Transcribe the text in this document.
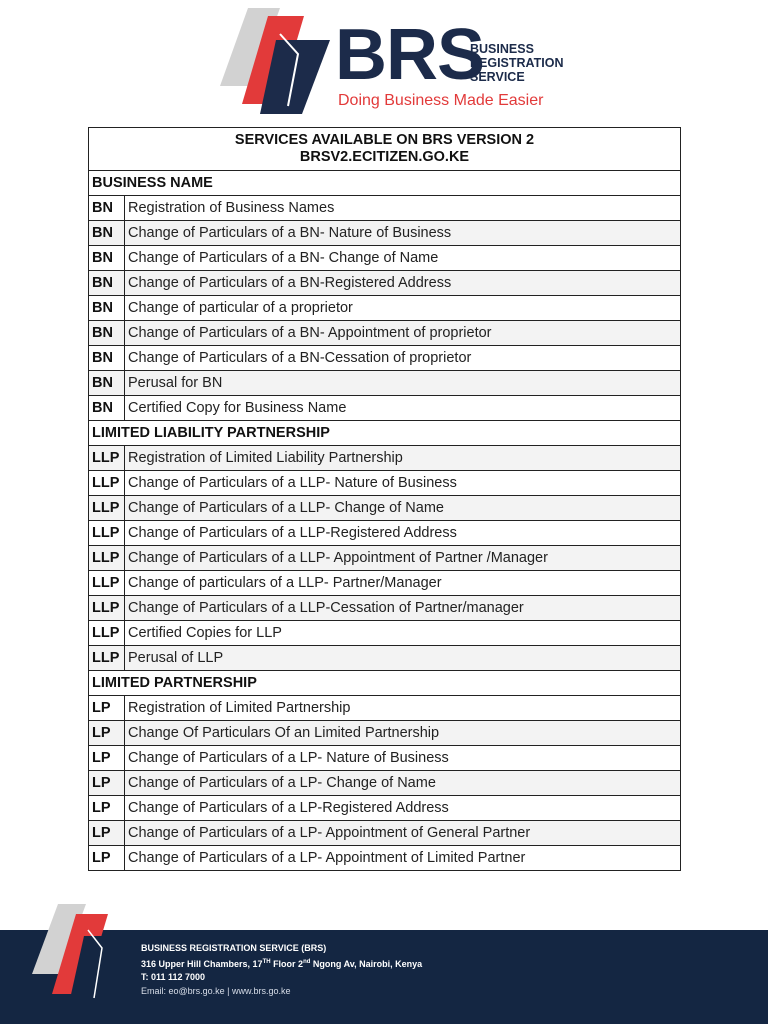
BRS
BUSINESS
REGISTRATION
SERVICE
Doing Business Made Easier
SERVICES AVAILABLE ON BRS VERSION 2
BRSV2.ECITIZEN.GO.KE	

BUSINESS NAME	
BN	Registration of Business Names
BN	Change of Particulars of a BN- Nature of Business
BN	Change of Particulars of a BN- Change of Name
BN	Change of Particulars of a BN-Registered Address
BN	Change of particular of a proprietor
BN	Change of Particulars of a BN- Appointment of proprietor
BN	Change of Particulars of a BN-Cessation of proprietor
BN	Perusal for BN
BN	Certified Copy for Business Name
LIMITED LIABILITY PARTNERSHIP	
LLP	Registration of Limited Liability Partnership
LLP	Change of Particulars of a LLP- Nature of Business
LLP	Change of Particulars of a LLP- Change of Name
LLP	Change of Particulars of a LLP-Registered Address
LLP	Change of Particulars of a LLP- Appointment of Partner /Manager
LLP	Change of particulars of a LLP- Partner/Manager
LLP	Change of Particulars of a LLP-Cessation of Partner/manager
LLP	Certified Copies for LLP
LLP	Perusal of LLP
LIMITED PARTNERSHIP	
LP	Registration of Limited Partnership
LP	Change Of Particulars Of an Limited Partnership
LP	Change of Particulars of a LP- Nature of Business
LP	Change of Particulars of a LP- Change of Name
LP	Change of Particulars of a LP-Registered Address
LP	Change of Particulars of a LP- Appointment of General Partner
LP	Change of Particulars of a LP- Appointment of Limited Partner
BUSINESS REGISTRATION SERVICE (BRS)
316 Upper Hill Chambers, 17TH Floor 2nd Ngong Av, Nairobi, Kenya
T: 011 112 7000
Email: eo@brs.go.ke | www.brs.go.ke
